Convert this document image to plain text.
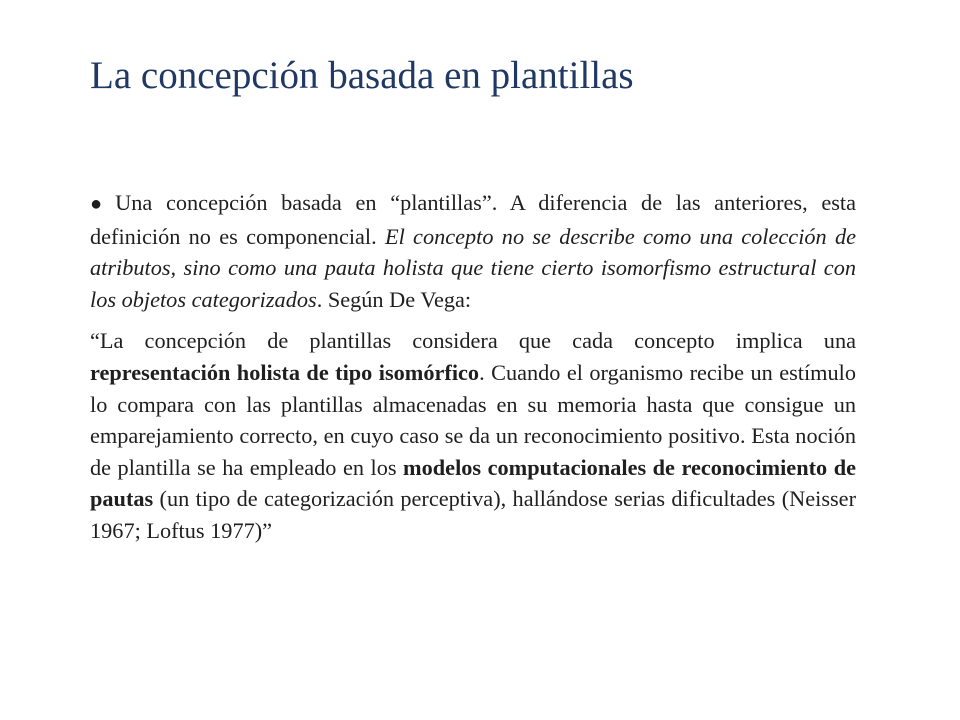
La concepción basada en plantillas

● Una concepción basada en “plantillas”. A diferencia de las anteriores, esta definición no es componencial. El concepto no se describe como una colección de atributos, sino como una pauta holista que tiene cierto isomorfismo estructural con los objetos categorizados. Según De Vega:

“La concepción de plantillas considera que cada concepto implica una representación holista de tipo isomórfico. Cuando el organismo recibe un estímulo lo compara con las plantillas almacenadas en su memoria hasta que consigue un emparejamiento correcto, en cuyo caso se da un reconocimiento positivo. Esta noción de plantilla se ha empleado en los modelos computacionales de reconocimiento de pautas (un tipo de categorización perceptiva), hallándose serias dificultades (Neisser 1967; Loftus 1977)”
